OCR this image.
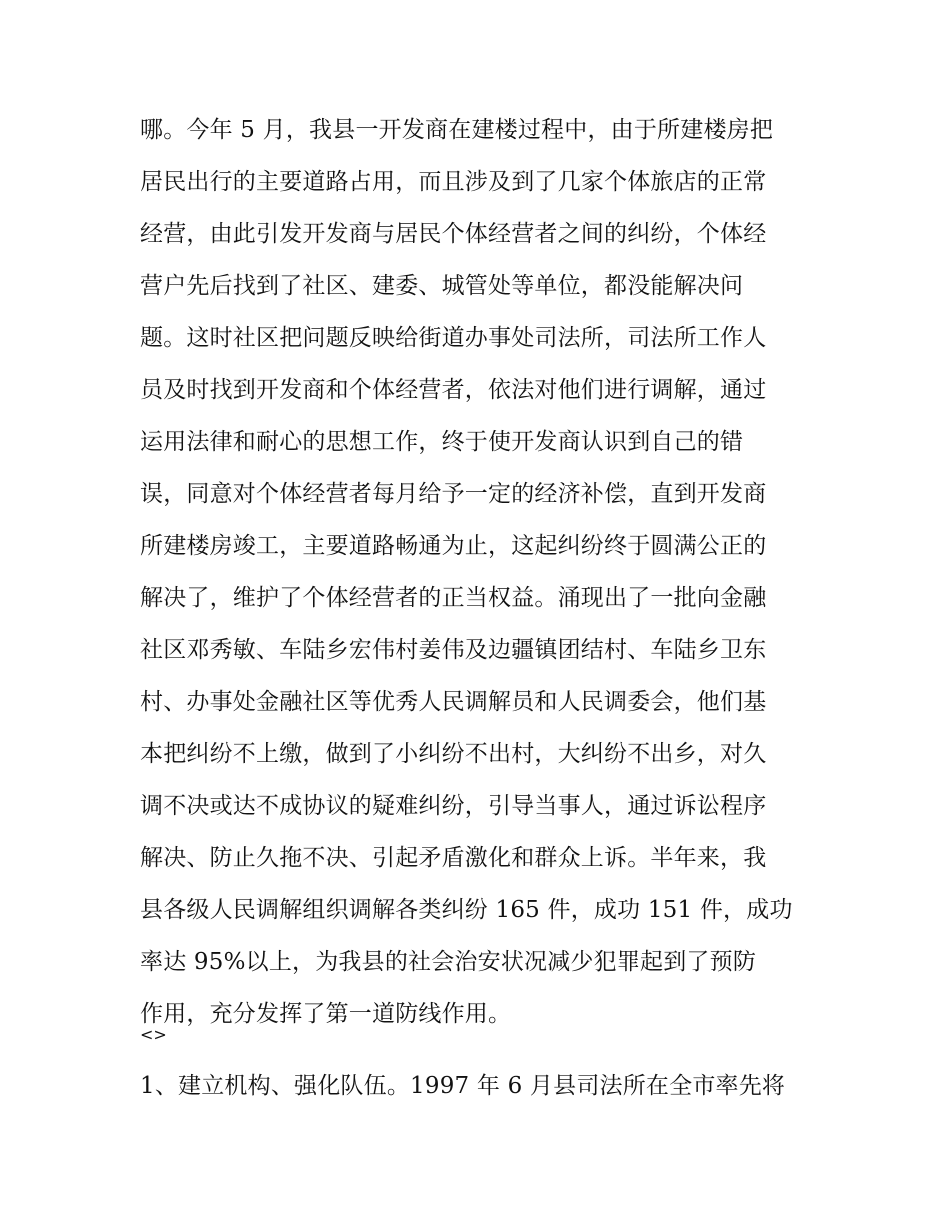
哪。今年 5 月，我县一开发商在建楼过程中，由于所建楼房把
居民出行的主要道路占用，而且涉及到了几家个体旅店的正常
经营，由此引发开发商与居民个体经营者之间的纠纷，个体经
营户先后找到了社区、建委、城管处等单位，都没能解决问
题。这时社区把问题反映给街道办事处司法所，司法所工作人
员及时找到开发商和个体经营者，依法对他们进行调解，通过
运用法律和耐心的思想工作，终于使开发商认识到自己的错
误，同意对个体经营者每月给予一定的经济补偿，直到开发商
所建楼房竣工，主要道路畅通为止，这起纠纷终于圆满公正的
解决了，维护了个体经营者的正当权益。涌现出了一批向金融
社区邓秀敏、车陆乡宏伟村姜伟及边疆镇团结村、车陆乡卫东
村、办事处金融社区等优秀人民调解员和人民调委会，他们基
本把纠纷不上缴，做到了小纠纷不出村，大纠纷不出乡，对久
调不决或达不成协议的疑难纠纷，引导当事人，通过诉讼程序
解决、防止久拖不决、引起矛盾激化和群众上诉。半年来，我
县各级人民调解组织调解各类纠纷 165 件，成功 151 件，成功
率达 95%以上，为我县的社会治安状况减少犯罪起到了预防
作用，充分发挥了第一道防线作用。
<>
1、建立机构、强化队伍。1997 年 6 月县司法所在全市率先将
